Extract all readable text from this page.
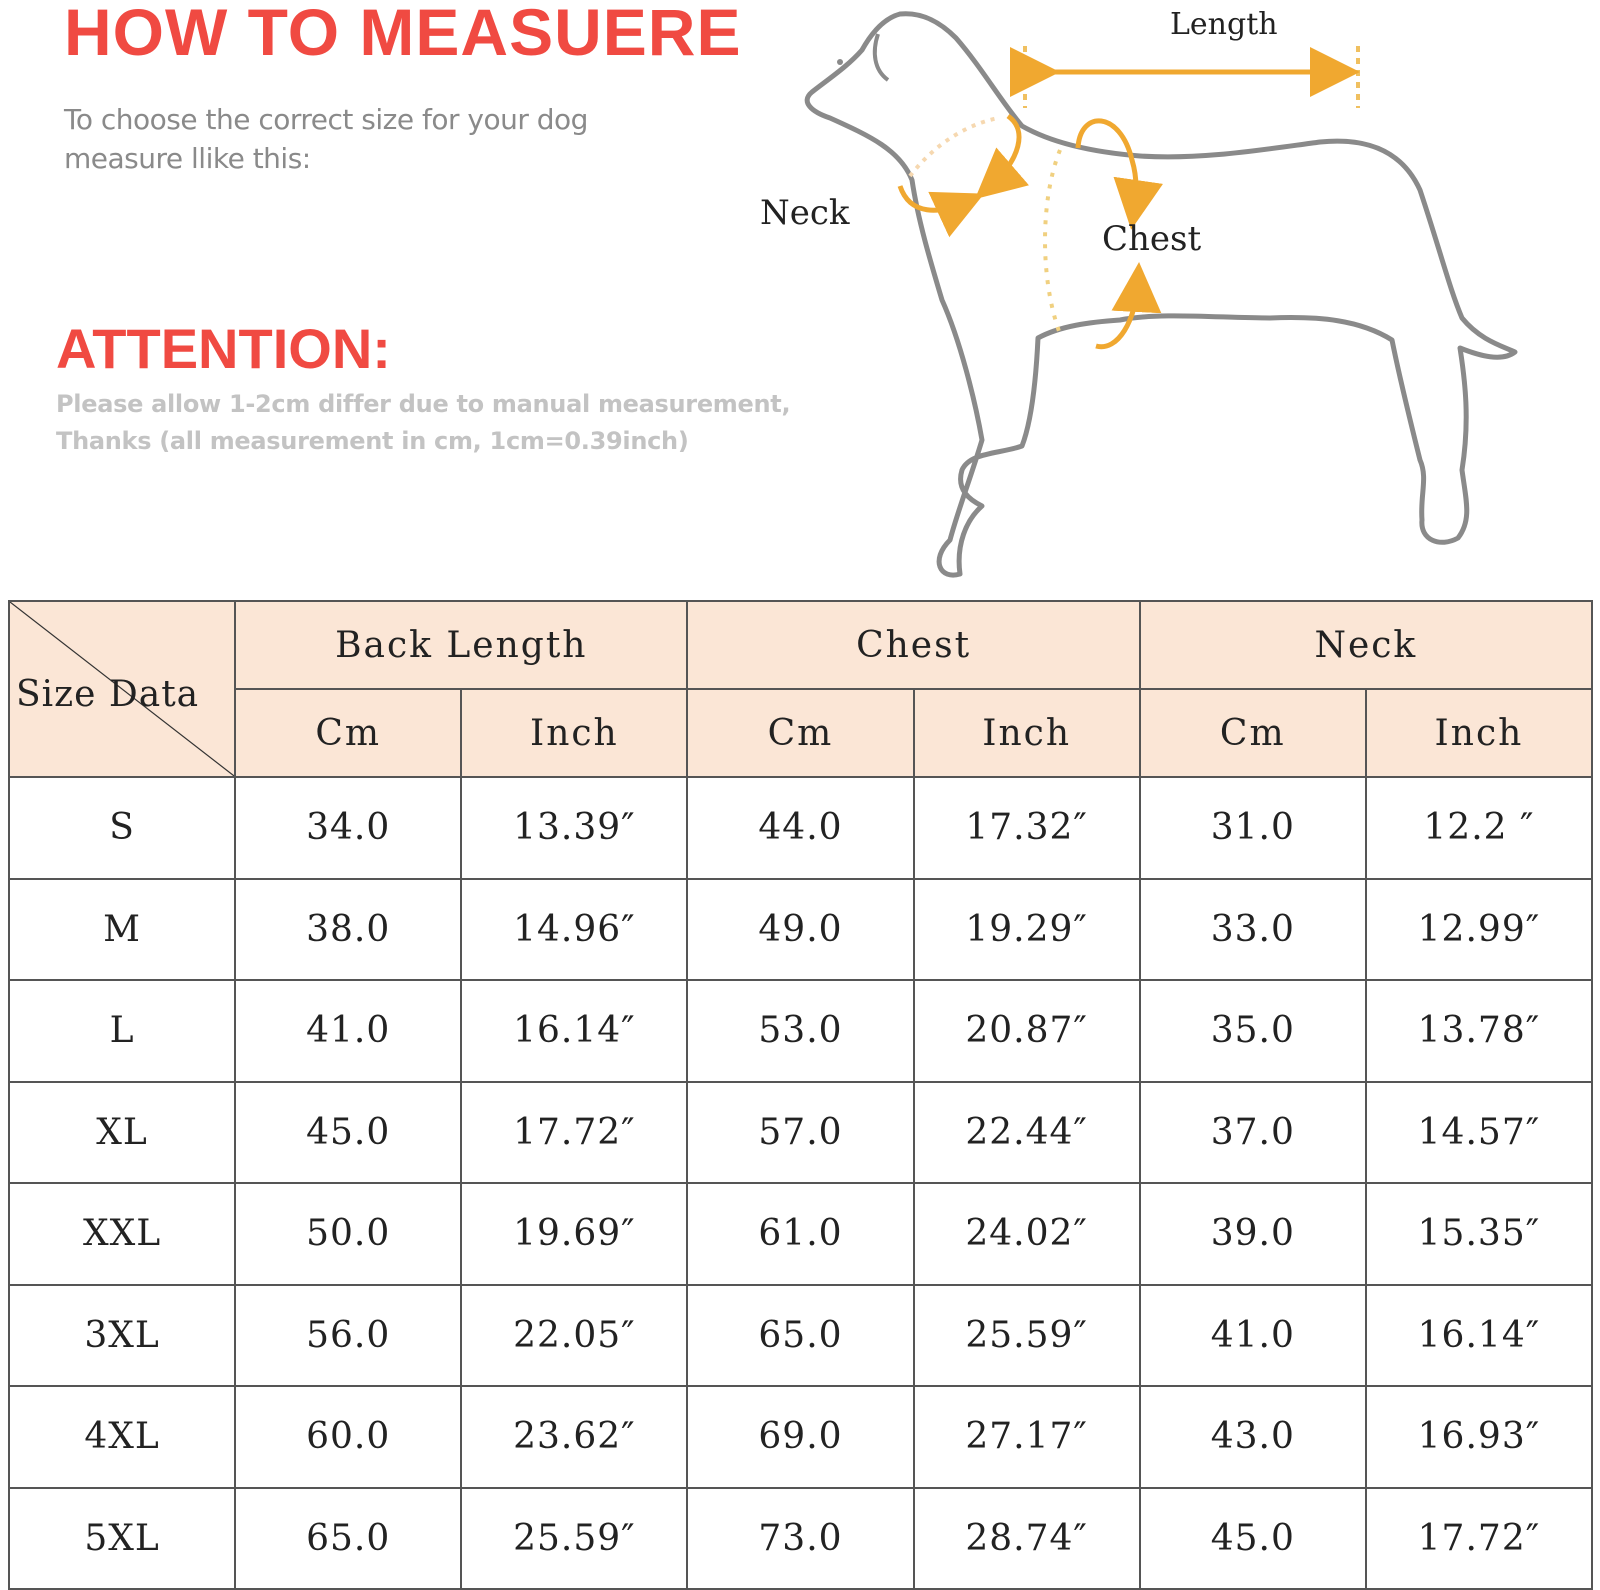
HOW TO MEASUERE
To choose the correct size for your dog measure llike this:
ATTENTION:
Please allow 1-2cm differ due to manual measurement,
Thanks (all measurement in cm, 1cm=0.39inch)
Length
Neck
Chest
Size Data	Back Length		Chest		Neck	
	Cm	Inch	Cm	Inch	Cm	Inch
S	34.0	13.39″	44.0	17.32″	31.0	12.2 ″
M	38.0	14.96″	49.0	19.29″	33.0	12.99″
L	41.0	16.14″	53.0	20.87″	35.0	13.78″
XL	45.0	17.72″	57.0	22.44″	37.0	14.57″
XXL	50.0	19.69″	61.0	24.02″	39.0	15.35″
3XL	56.0	22.05″	65.0	25.59″	41.0	16.14″
4XL	60.0	23.62″	69.0	27.17″	43.0	16.93″
5XL	65.0	25.59″	73.0	28.74″	45.0	17.72″
